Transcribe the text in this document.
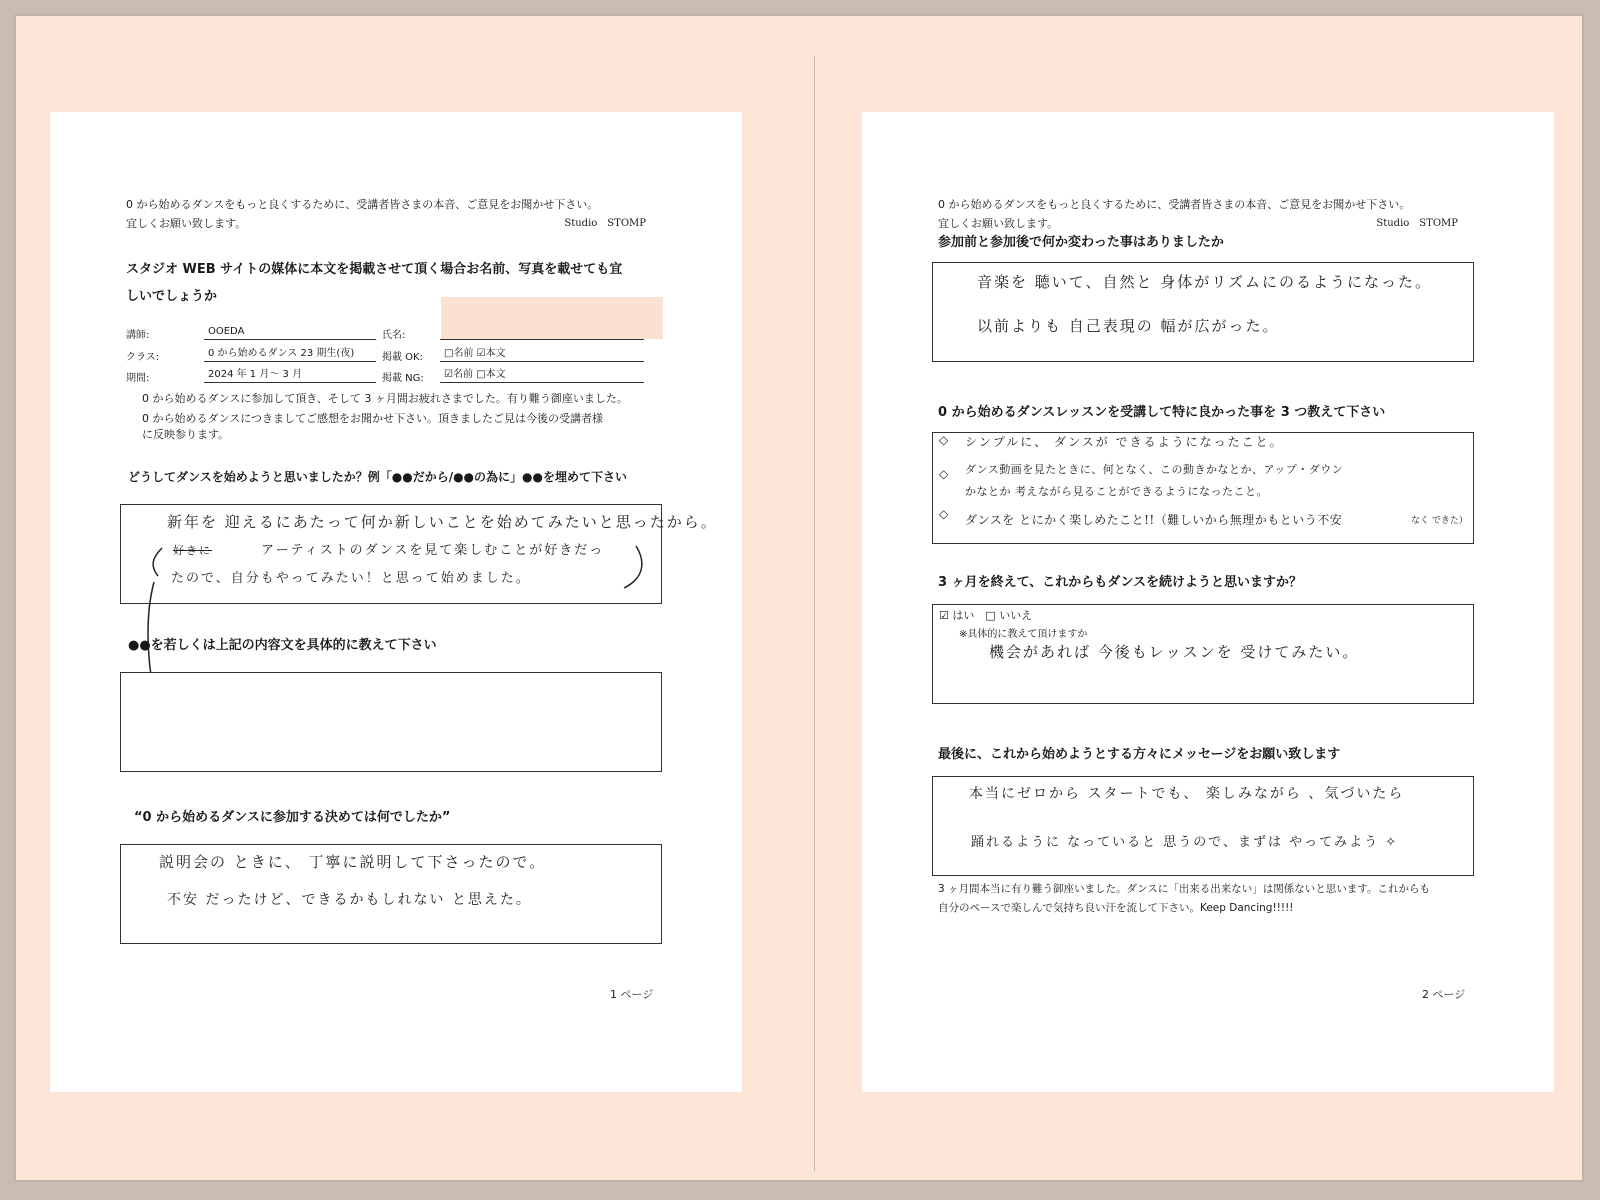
0 から始めるダンスをもっと良くするために、受講者皆さまの本音、ご意見をお聞かせ下さい。
宜しくお願い致します。	Studio　STOMP
スタジオ WEB サイトの媒体に本文を掲載させて頂く場合お名前、写真を載せても宜
しいでしょうか
講師:	OOEDA	氏名:
クラス:	0 から始めるダンス 23 期生(夜)	掲載 OK:	□名前 ☑本文
期間:	2024 年 1 月～ 3 月	掲載 NG:	☑名前 □本文
0 から始めるダンスに参加して頂き、そして 3 ヶ月間お疲れさまでした。有り難う御座いました。
0 から始めるダンスにつきましてご感想をお聞かせ下さい。頂きましたご見は今後の受講者様
に反映参ります。
どうしてダンスを始めようと思いましたか？例「●●だから/●●の為に」●●を埋めて下さい
新年を 迎えるにあたって何か新しいことを始めてみたいと思ったから。
好きに	アーティストのダンスを見て楽しむことが好きだっ
たので、自分もやってみたい！と思って始めました。
●●を若しくは上記の内容文を具体的に教えて下さい
“0 から始めるダンスに参加する決めては何でしたか”
説明会の ときに、 丁寧に説明して下さったので。
不安 だったけど、できるかもしれない と思えた。
1 ページ
0 から始めるダンスをもっと良くするために、受講者皆さまの本音、ご意見をお聞かせ下さい。
宜しくお願い致します。	Studio　STOMP
参加前と参加後で何か変わった事はありましたか
音楽を 聴いて、自然と 身体がリズムにのるようになった。
以前よりも 自己表現の 幅が広がった。
0 から始めるダンスレッスンを受講して特に良かった事を 3 つ教えて下さい
◇ シンプルに、 ダンスが できるようになったこと。
◇ ダンス動画を見たときに、何となく、この動きかなとか、アップ・ダウン
かなとか 考えながら見ることができるようになったこと。
◇ ダンスを とにかく楽しめたこと!!（難しいから無理かもという不安	なく できた）
3 ヶ月を終えて、これからもダンスを続けようと思いますか？
☑ はい　□ いいえ
※具体的に教えて頂けますか
機会があれば 今後もレッスンを 受けてみたい。
最後に、これから始めようとする方々にメッセージをお願い致します
本当にゼロから スタートでも、 楽しみながら 、気づいたら
踊れるように なっていると 思うので、まずは やってみよう ✧
3 ヶ月間本当に有り難う御座いました。ダンスに「出来る出来ない」は関係ないと思います。これからも
自分のペースで楽しんで気持ち良い汗を流して下さい。Keep Dancing!!!!!
2 ページ
